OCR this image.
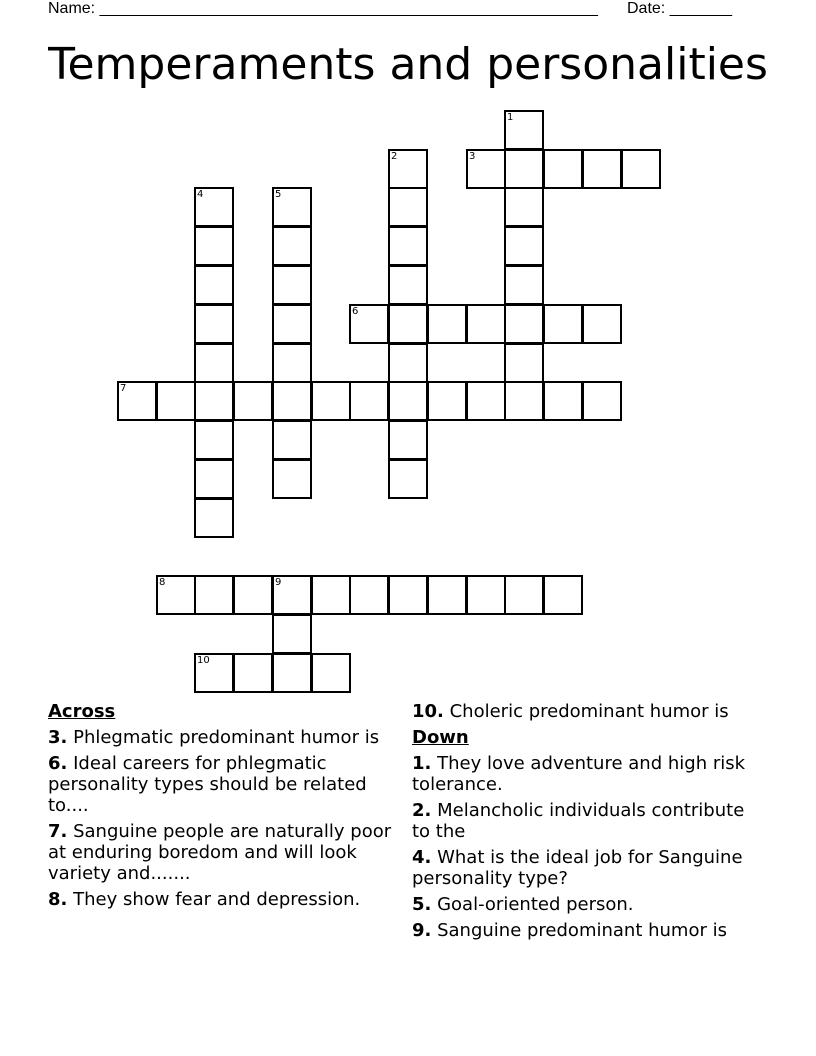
Name: ________________________________________________________ Date: _______
Temperaments and personalities
1
2	3
4	5
6
7
8	9
10
Across
3. Phlegmatic predominant humor is
6. Ideal careers for phlegmatic personality types should be related to....
7. Sanguine people are naturally poor at enduring boredom and will look variety and.......
8. They show fear and depression.
10. Choleric predominant humor is
Down
1. They love adventure and high risk tolerance.
2. Melancholic individuals contribute to the
4. What is the ideal job for Sanguine personality type?
5. Goal-oriented person.
9. Sanguine predominant humor is
